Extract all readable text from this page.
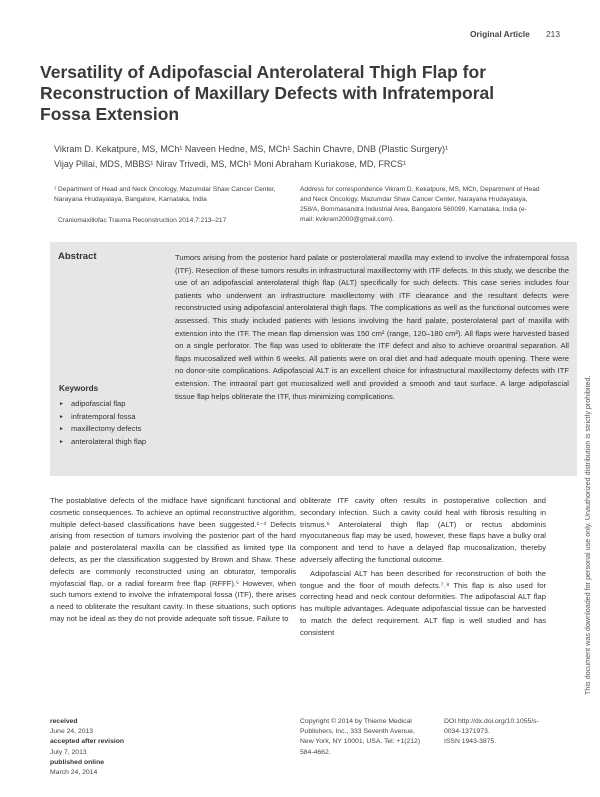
Original Article 213
Versatility of Adipofascial Anterolateral Thigh Flap for Reconstruction of Maxillary Defects with Infratemporal Fossa Extension
Vikram D. Kekatpure, MS, MCh¹ Naveen Hedne, MS, MCh¹ Sachin Chavre, DNB (Plastic Surgery)¹
Vijay Pillai, MDS, MBBS¹ Nirav Trivedi, MS, MCh¹ Moni Abraham Kuriakose, MD, FRCS¹
¹ Department of Head and Neck Oncology, Mazumdar Shaw Cancer Center, Narayana Hrudayalaya, Bangalore, Karnataka, India
Craniomaxillofac Trauma Reconstruction 2014;7:213–217
Address for correspondence Vikram D. Kekatpure, MS, MCh, Department of Head and Neck Oncology, Mazumdar Shaw Cancer Center, Narayana Hrudayalaya, 258/A, Bommasandra Industrial Area, Bangalore 560099, Karnataka, India (e-mail: kvikram2000@gmail.com).
Abstract	Tumors arising from the posterior hard palate or posterolateral maxilla may extend to involve the infratemporal fossa (ITF). Resection of these tumors results in infrastructural maxillectomy with ITF defects. In this study, we describe the use of an adipofascial anterolateral thigh flap (ALT) specifically for such defects. This case series includes four patients who underwent an infrastructure maxillectomy with ITF clearance and the resultant defects were reconstructed using adipofascial anterolateral thigh flaps. The complications as well as the functional outcomes were assessed. This study included patients with lesions involving the hard palate, posterolateral part of maxilla with extension into the ITF. The mean flap dimension was 150 cm² (range, 120–180 cm²). All flaps were harvested based on a single perforator. The flap was used to obliterate the ITF defect and also to achieve oroantral separation. All flaps mucosalized well within 6 weeks. All patients were on oral diet and had adequate mouth opening. There were no donor-site complications. Adipofascial ALT is an excellent choice for infrastructural maxillectomy defects with ITF extension. The intraoral part got mucosalized well and provided a smooth and taut surface. A large adipofascial tissue flap helps obliterate the ITF, thus minimizing complications.
Keywords
► adipofascial flap
► infratemporal fossa
► maxillectomy defects
► anterolateral thigh flap
The postablative defects of the midface have significant functional and cosmetic consequences. To achieve an optimal reconstructive algorithm, multiple defect-based classifications have been suggested.¹⁻⁴ Defects arising from resection of tumors involving the posterior part of the hard palate and posterolateral maxilla can be classified as limited type IIa defects, as per the classification suggested by Brown and Shaw. These defects are commonly reconstructed using an obturator, temporalis myofascial flap, or a radial forearm free flap (RFFF).⁵ However, when such tumors extend to involve the infratemporal fossa (ITF), there arises a need to obliterate the resultant cavity. In these situations, such options may not be ideal as they do not provide adequate soft tissue. Failure to
obliterate ITF cavity often results in postoperative collection and secondary infection. Such a cavity could heal with fibrosis resulting in trismus.⁶ Anterolateral thigh flap (ALT) or rectus abdominis myocutaneous flap may be used, however, these flaps have a bulky oral component and tend to have a delayed flap mucosalization, thereby adversely affecting the functional outcome.
Adipofascial ALT has been described for reconstruction of both the tongue and the floor of mouth defects.⁷˒⁸ This flap is also used for correcting head and neck contour deformities. The adipofascial ALT flap has multiple advantages. Adequate adipofascial tissue can be harvested to match the defect requirement. ALT flap is well studied and has consistent
received
June 24, 2013
accepted after revision
July 7, 2013
published online
March 24, 2014
Copyright © 2014 by Thieme Medical Publishers, Inc., 333 Seventh Avenue, New York, NY 10001, USA. Tel: +1(212) 584-4662.
DOI http://dx.doi.org/10.1055/s-0034-1371973.
ISSN 1943-3875.
This document was downloaded for personal use only. Unauthorized distribution is strictly prohibited.
